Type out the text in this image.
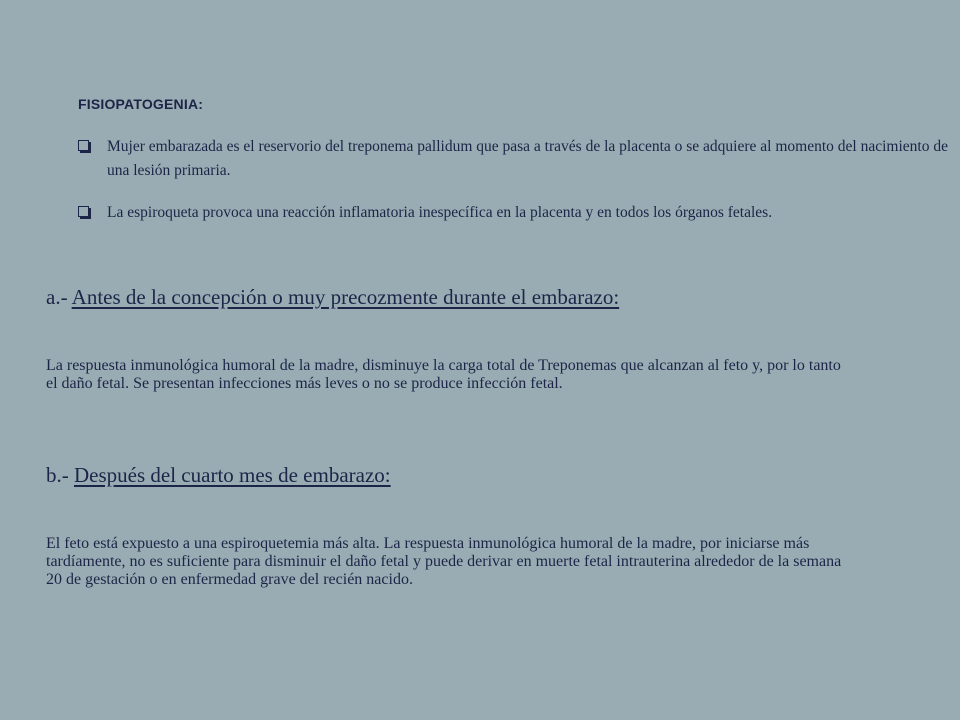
FISIOPATOGENIA:
Mujer embarazada es el reservorio del treponema pallidum que pasa a través de la placenta o se adquiere al momento del nacimiento de una lesión primaria.
La espiroqueta provoca una reacción inflamatoria inespecífica en la placenta y en todos los órganos fetales.
a.- Antes de la concepción o muy precozmente durante el embarazo:
La respuesta inmunológica humoral de la madre, disminuye la carga total de Treponemas que alcanzan al feto y, por lo tanto el daño fetal. Se presentan infecciones más leves o no se produce infección fetal.
b.- Después del cuarto mes de embarazo:
El feto está expuesto a una espiroquetemia más alta. La respuesta inmunológica humoral de la madre, por iniciarse más tardíamente, no es suficiente para disminuir el daño fetal y puede derivar en muerte fetal intrauterina alrededor de la semana 20 de gestación o en enfermedad grave del recién nacido.
